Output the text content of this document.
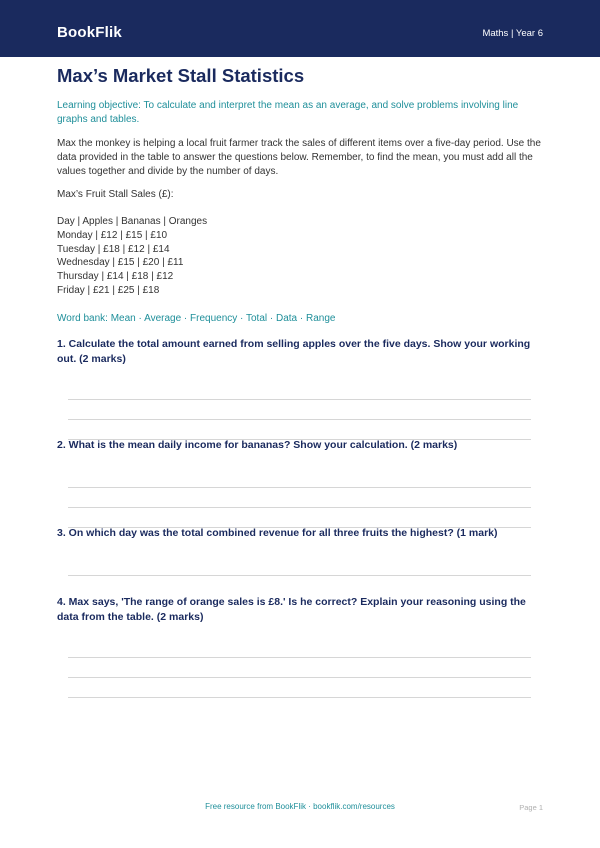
BookFlik	Maths | Year 6
Max’s Market Stall Statistics
Learning objective: To calculate and interpret the mean as an average, and solve problems involving line graphs and tables.
Max the monkey is helping a local fruit farmer track the sales of different items over a five-day period. Use the data provided in the table to answer the questions below. Remember, to find the mean, you must add all the values together and divide by the number of days.
Max’s Fruit Stall Sales (£):
Day | Apples | Bananas | Oranges
Monday | £12 | £15 | £10
Tuesday | £18 | £12 | £14
Wednesday | £15 | £20 | £11
Thursday | £14 | £18 | £12
Friday | £21 | £25 | £18
Word bank: Mean · Average · Frequency · Total · Data · Range
1. Calculate the total amount earned from selling apples over the five days. Show your working out. (2 marks)
2. What is the mean daily income for bananas? Show your calculation. (2 marks)
3. On which day was the total combined revenue for all three fruits the highest? (1 mark)
4. Max says, 'The range of orange sales is £8.' Is he correct? Explain your reasoning using the data from the table. (2 marks)
Free resource from BookFlik · bookflik.com/resources	Page 1
